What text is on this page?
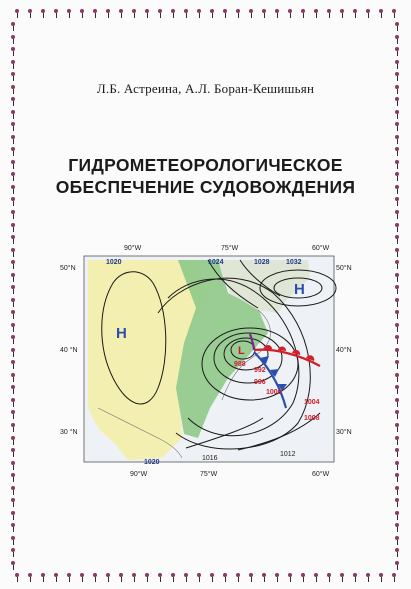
Л.Б. Астреина, А.Л. Боран-Кешишьян
ГИДРОМЕТЕОРОЛОГИЧЕСКОЕ
ОБЕСПЕЧЕНИЕ СУДОВОЖДЕНИЯ
H
H
L
1020	1024	1028 1032
1020
1016
1012
988
992
996
1000
1004
1008
90°W	75°W	60°W
90°W	75°W	60°W
50°N
40 °N
30 °N
50°N
40°N
30°N
